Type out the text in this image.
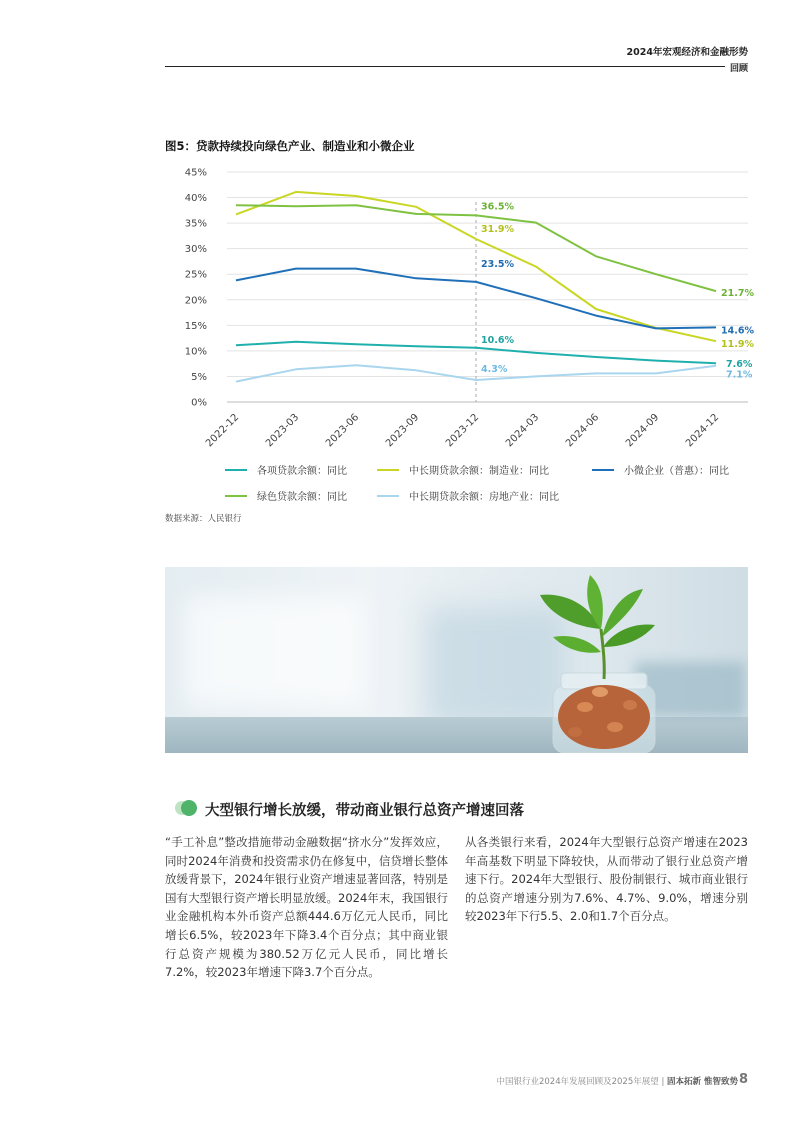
2024年宏观经济和金融形势
回顾
图5：贷款持续投向绿色产业、制造业和小微企业
0%
5%
10%
15%
20%
25%
30%
35%
40%
45%
2022-12 2023-03 2023-06 2023-09 2023-12 2024-03 2024-06 2024-09 2024-12
10.6%
7.6%
31.9%
11.9%
23.5%
14.6%
36.5%
21.7%
4.3%
7.1%
各项贷款余额：同比	中长期贷款余额：制造业：同比	小微企业（普惠）：同比
绿色贷款余额：同比	中长期贷款余额：房地产业：同比
数据来源：人民银行
大型银行增长放缓，带动商业银行总资产增速回落
“手工补息”整改措施带动金融数据“挤水分”发挥效应，同时2024年消费和投资需求仍在修复中，信贷增长整体放缓背景下，2024年银行业资产增速显著回落，特别是国有大型银行资产增长明显放缓。2024年末，我国银行业金融机构本外币资产总额444.6万亿元人民币，同比增长6.5%，较2023年下降3.4个百分点；其中商业银行总资产规模为380.52万亿元人民币，同比增长7.2%，较2023年增速下降3.7个百分点。
从各类银行来看，2024年大型银行总资产增速在2023年高基数下明显下降较快，从而带动了银行业总资产增速下行。2024年大型银行、股份制银行、城市商业银行的总资产增速分别为7.6%、4.7%、9.0%，增速分别较2023年下行5.5、2.0和1.7个百分点。
中国银行业2024年发展回顾及2025年展望 | 固本拓新 惟智致势 8
